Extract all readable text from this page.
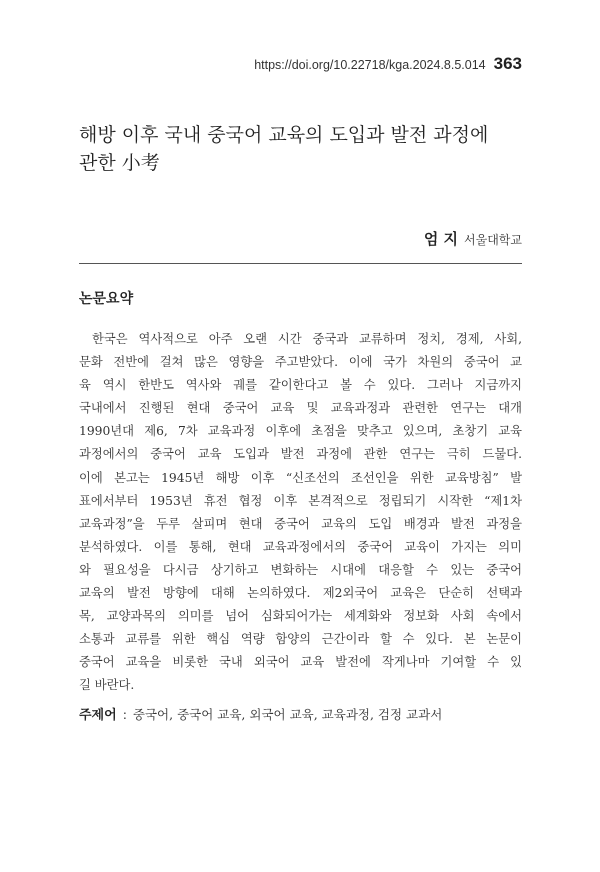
https://doi.org/10.22718/kga.2024.8.5.014 363
해방 이후 국내 중국어 교육의 도입과 발전 과정에
관한 小考
엄 지 서울대학교
논문요약
한국은 역사적으로 아주 오랜 시간 중국과 교류하며 정치, 경제, 사회,
문화 전반에 걸쳐 많은 영향을 주고받았다. 이에 국가 차원의 중국어 교
육 역시 한반도 역사와 궤를 같이한다고 볼 수 있다. 그러나 지금까지
국내에서 진행된 현대 중국어 교육 및 교육과정과 관련한 연구는 대개
1990년대 제6, 7차 교육과정 이후에 초점을 맞추고 있으며, 초창기 교육
과정에서의 중국어 교육 도입과 발전 과정에 관한 연구는 극히 드물다.
이에 본고는 1945년 해방 이후 “신조선의 조선인을 위한 교육방침” 발
표에서부터 1953년 휴전 협정 이후 본격적으로 정립되기 시작한 “제1차
교육과정”을 두루 살피며 현대 중국어 교육의 도입 배경과 발전 과정을
분석하였다. 이를 통해, 현대 교육과정에서의 중국어 교육이 가지는 의미
와 필요성을 다시금 상기하고 변화하는 시대에 대응할 수 있는 중국어
교육의 발전 방향에 대해 논의하였다. 제2외국어 교육은 단순히 선택과
목, 교양과목의 의미를 넘어 심화되어가는 세계화와 정보화 사회 속에서
소통과 교류를 위한 핵심 역량 함양의 근간이라 할 수 있다. 본 논문이
중국어 교육을 비롯한 국내 외국어 교육 발전에 작게나마 기여할 수 있
길 바란다.
주제어 : 중국어, 중국어 교육, 외국어 교육, 교육과정, 검정 교과서
